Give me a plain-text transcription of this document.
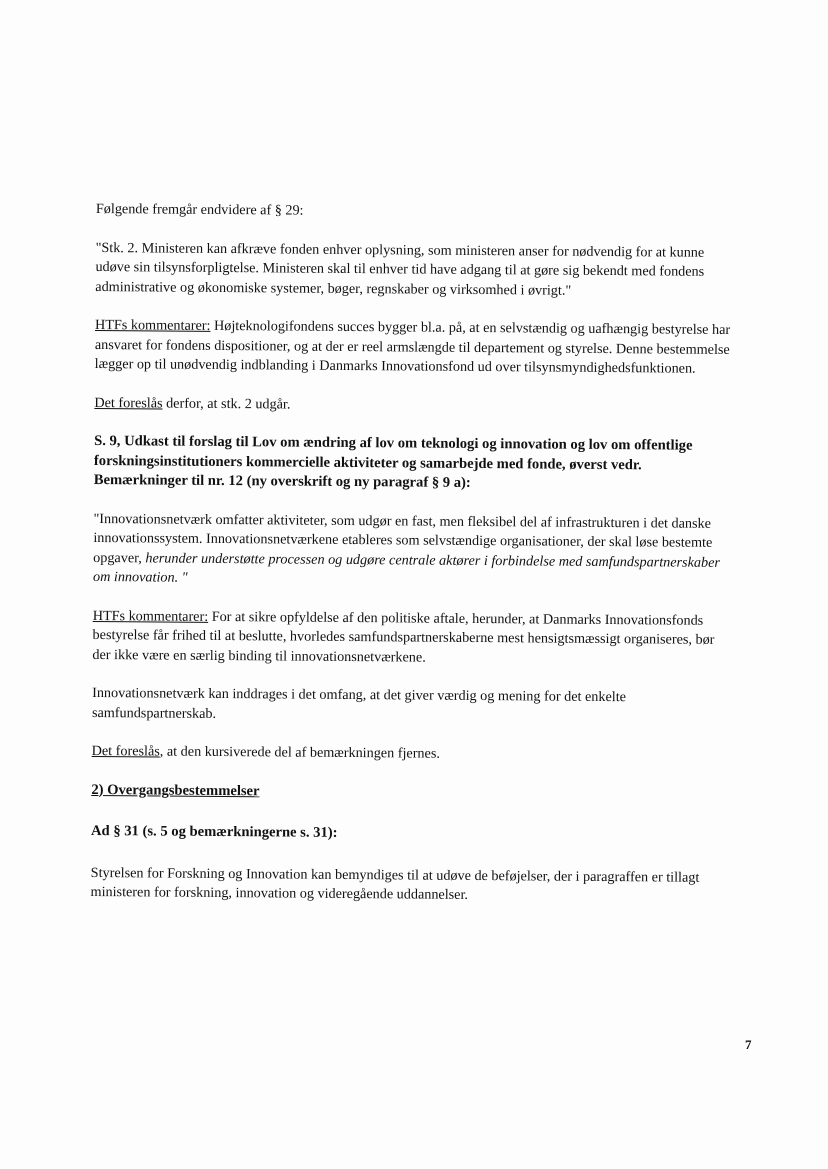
Følgende fremgår endvidere af § 29:

"Stk. 2. Ministeren kan afkræve fonden enhver oplysning, som ministeren anser for nødvendig for at kunne udøve sin tilsynsforpligtelse. Ministeren skal til enhver tid have adgang til at gøre sig bekendt med fondens administrative og økonomiske systemer, bøger, regnskaber og virksomhed i øvrigt."

HTFs kommentarer: Højteknologifondens succes bygger bl.a. på, at en selvstændig og uafhængig bestyrelse har ansvaret for fondens dispositioner, og at der er reel armslængde til departement og styrelse. Denne bestemmelse lægger op til unødvendig indblanding i Danmarks Innovationsfond ud over tilsynsmyndighedsfunktionen.

Det foreslås derfor, at stk. 2 udgår.

S. 9, Udkast til forslag til Lov om ændring af lov om teknologi og innovation og lov om offentlige forskningsinstitutioners kommercielle aktiviteter og samarbejde med fonde, øverst vedr. Bemærkninger til nr. 12 (ny overskrift og ny paragraf § 9 a):

"Innovationsnetværk omfatter aktiviteter, som udgør en fast, men fleksibel del af infrastrukturen i det danske innovationssystem. Innovationsnetværkene etableres som selvstændige organisationer, der skal løse bestemte opgaver, herunder understøtte processen og udgøre centrale aktører i forbindelse med samfundspartnerskaber om innovation. "

HTFs kommentarer: For at sikre opfyldelse af den politiske aftale, herunder, at Danmarks Innovationsfonds bestyrelse får frihed til at beslutte, hvorledes samfundspartnerskaberne mest hensigtsmæssigt organiseres, bør der ikke være en særlig binding til innovationsnetværkene.

Innovationsnetværk kan inddrages i det omfang, at det giver værdig og mening for det enkelte samfundspartnerskab.

Det foreslås, at den kursiverede del af bemærkningen fjernes.

2) Overgangsbestemmelser

Ad § 31 (s. 5 og bemærkningerne s. 31):

Styrelsen for Forskning og Innovation kan bemyndiges til at udøve de beføjelser, der i paragraffen er tillagt ministeren for forskning, innovation og videregående uddannelser.

7
